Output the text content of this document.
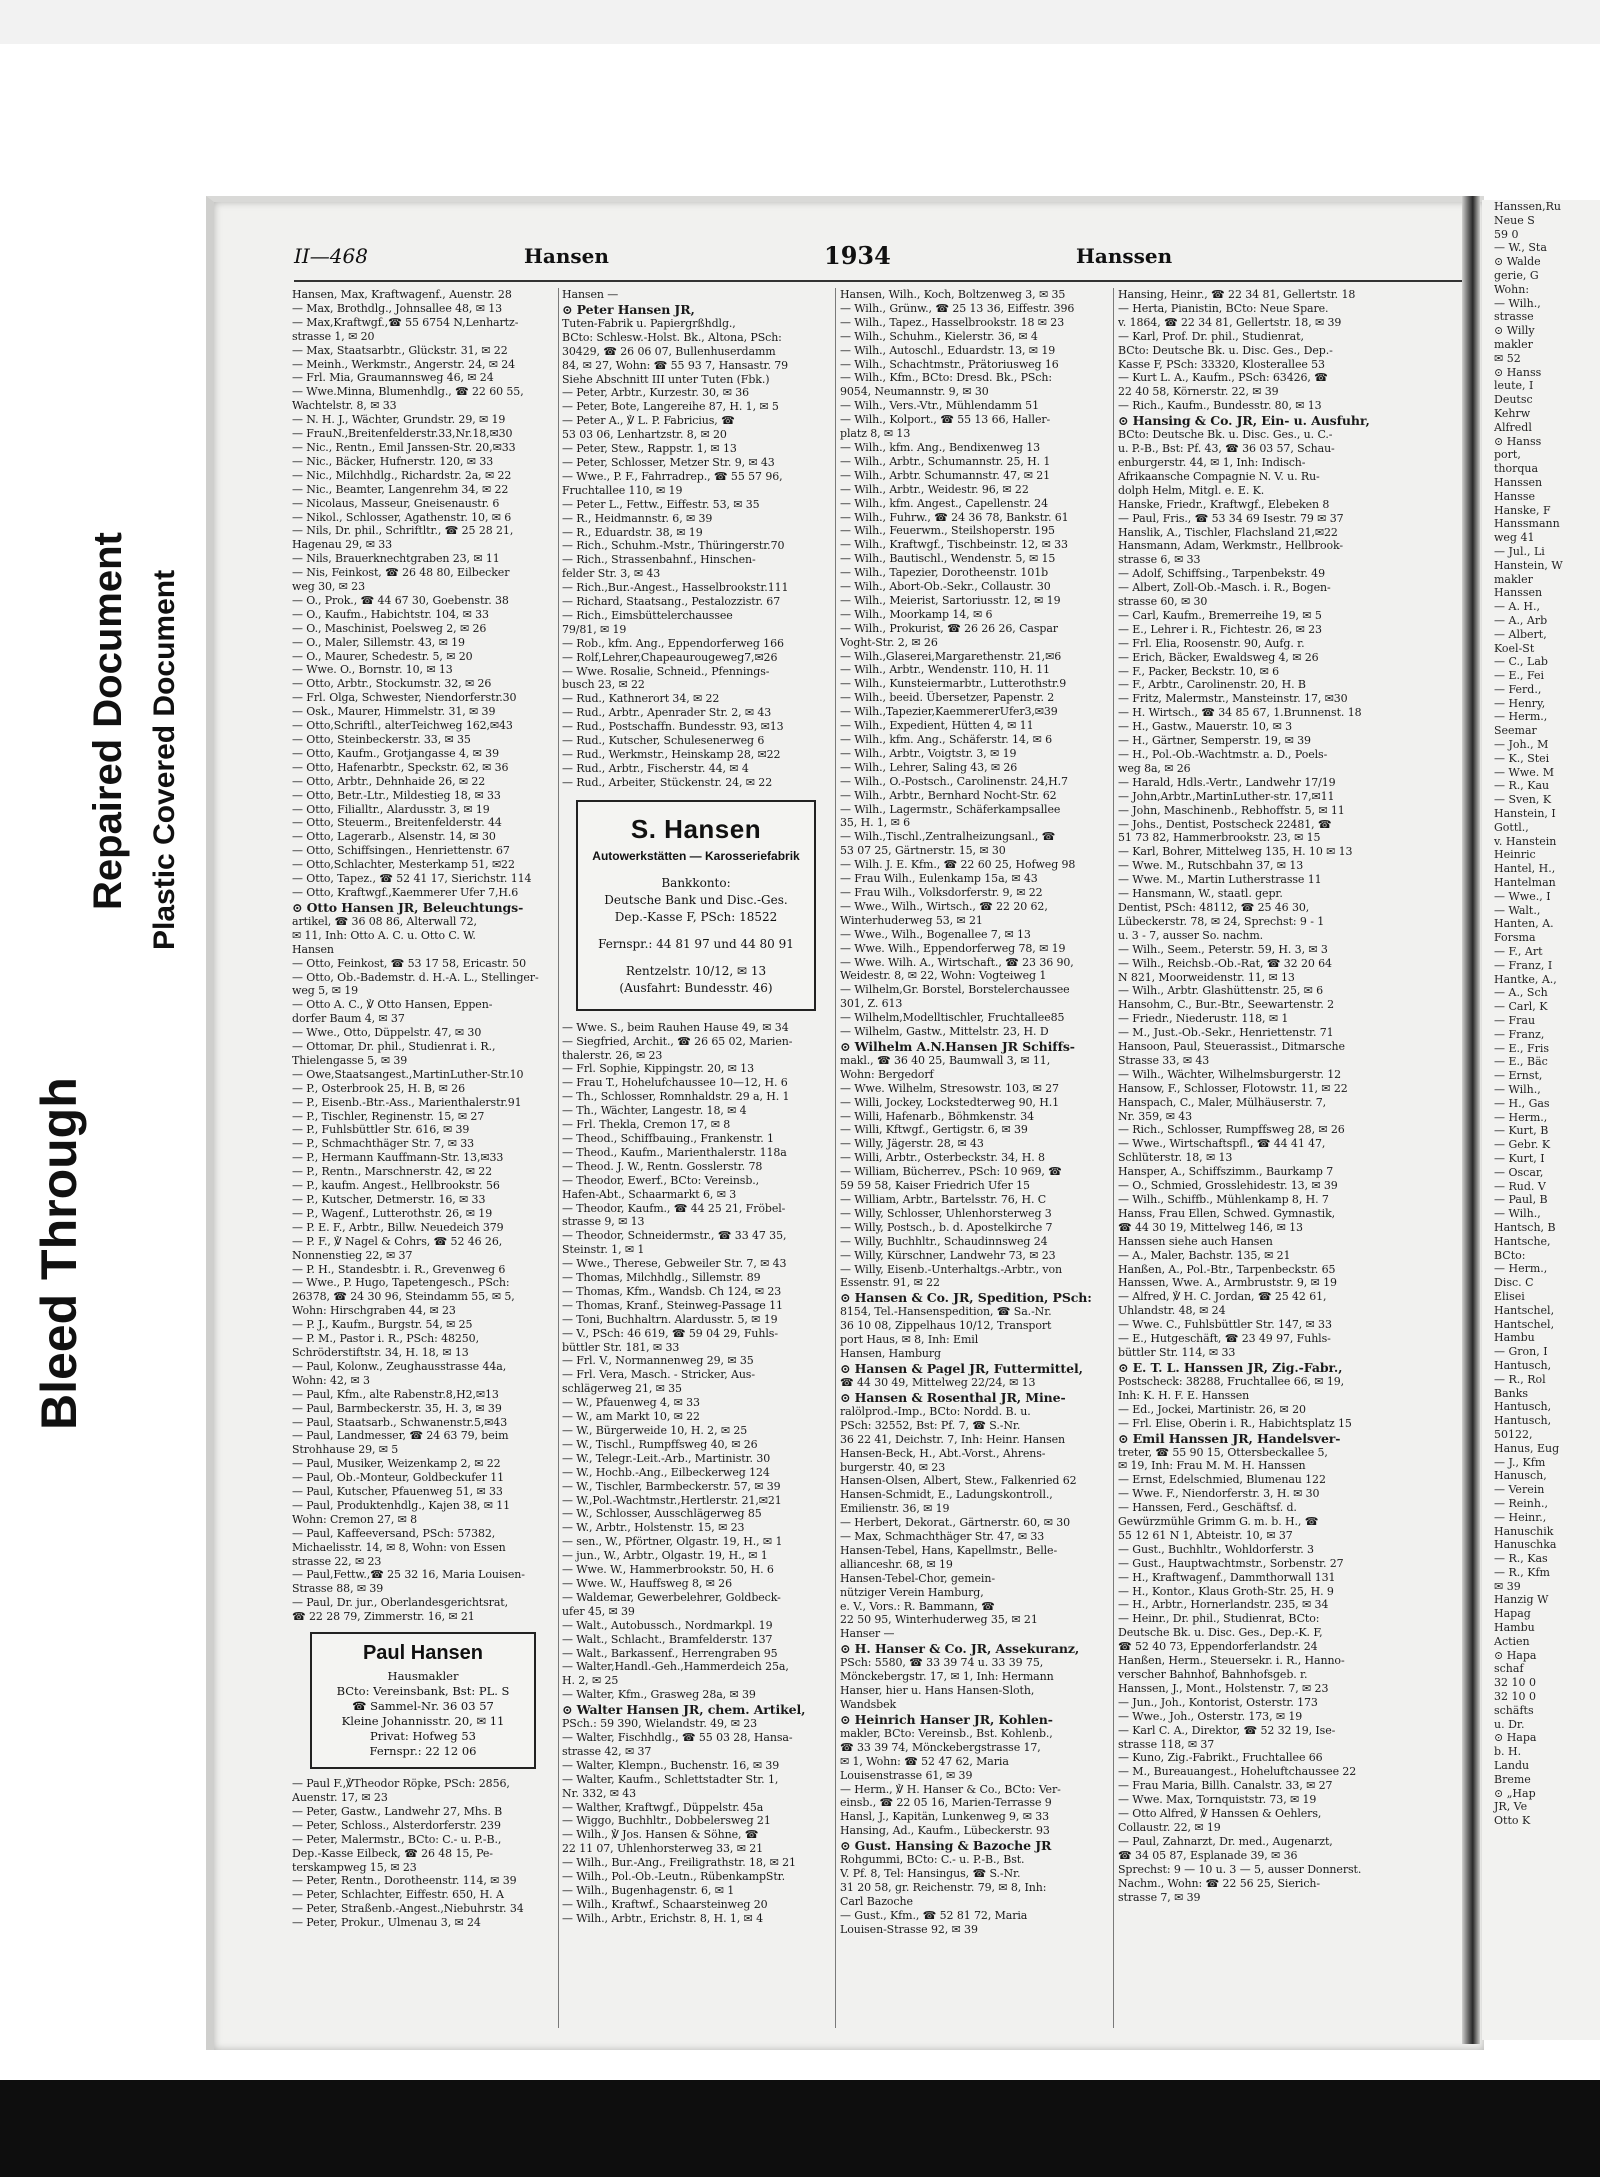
Bleed Through
Repaired Document Plastic Covered Document
II—468	Hansen	1934	Hanssen
Hansen, Max, Kraftwagenf., Auenstr. 28
— Max, Brothdlg., Johnsallee 48, ✉ 13
— Max,Kraftwgf.,☎ 55 6754 N,Lenhartz-
strasse 1, ✉ 20
— Max, Staatsarbtr., Glückstr. 31, ✉ 22
— Meinh., Werkmstr., Angerstr. 24, ✉ 24
— Frl. Mia, Graumannsweg 46, ✉ 24
— Wwe.Minna, Blumenhdlg., ☎ 22 60 55,
Wachtelstr. 8, ✉ 33
— N. H. J., Wächter, Grundstr. 29, ✉ 19
— FrauN.,Breitenfelderstr.33,Nr.18,✉30
— Nic., Rentn., Emil Janssen-Str. 20,✉33
— Nic., Bäcker, Hufnerstr. 120, ✉ 33
— Nic., Milchhdlg., Richardstr. 2a, ✉ 22
— Nic., Beamter, Langenrehm 34, ✉ 22
— Nicolaus, Masseur, Gneisenaustr. 6
— Nikol., Schlosser, Agathenstr. 10, ✉ 6
— Nils, Dr. phil., Schriftltr., ☎ 25 28 21,
Hagenau 29, ✉ 33
— Nils, Brauerknechtgraben 23, ✉ 11
— Nis, Feinkost, ☎ 26 48 80, Eilbecker
weg 30, ✉ 23
— O., Prok., ☎ 44 67 30, Goebenstr. 38
— O., Kaufm., Habichtstr. 104, ✉ 33
— O., Maschinist, Poelsweg 2, ✉ 26
— O., Maler, Sillemstr. 43, ✉ 19
— O., Maurer, Schedestr. 5, ✉ 20
— Wwe. O., Bornstr. 10, ✉ 13
— Otto, Arbtr., Stockumstr. 32, ✉ 26
— Frl. Olga, Schwester, Niendorferstr.30
— Osk., Maurer, Himmelstr. 31, ✉ 39
— Otto,Schriftl., alterTeichweg 162,✉43
— Otto, Steinbeckerstr. 33, ✉ 35
— Otto, Kaufm., Grotjangasse 4, ✉ 39
— Otto, Hafenarbtr., Speckstr. 62, ✉ 36
— Otto, Arbtr., Dehnhaide 26, ✉ 22
— Otto, Betr.-Ltr., Mildestieg 18, ✉ 33
— Otto, Filialltr., Alardusstr. 3, ✉ 19
— Otto, Steuerm., Breitenfelderstr. 44
— Otto, Lagerarb., Alsenstr. 14, ✉ 30
— Otto, Schiffsingen., Henriettenstr. 67
— Otto,Schlachter, Mesterkamp 51, ✉22
— Otto, Tapez., ☎ 52 41 17, Sierichstr. 114
— Otto, Kraftwgf.,Kaemmerer Ufer 7,H.6
⊙ Otto Hansen JR, Beleuchtungs-
artikel, ☎ 36 08 86, Alterwall 72,
✉ 11, Inh: Otto A. C. u. Otto C. W.
Hansen
— Otto, Feinkost, ☎ 53 17 58, Ericastr. 50
— Otto, Ob.-Bademstr. d. H.-A. L., Stellinger-
weg 5, ✉ 19
— Otto A. C., ℣ Otto Hansen, Eppen-
dorfer Baum 4, ✉ 37
— Wwe., Otto, Düppelstr. 47, ✉ 30
— Ottomar, Dr. phil., Studienrat i. R.,
Thielengasse 5, ✉ 39
— Owe,Staatsangest.,MartinLuther-Str.10
— P., Osterbrook 25, H. B, ✉ 26
— P., Eisenb.-Btr.-Ass., Marienthalerstr.91
— P., Tischler, Reginenstr. 15, ✉ 27
— P., Fuhlsbüttler Str. 616, ✉ 39
— P., Schmachthäger Str. 7, ✉ 33
— P., Hermann Kauffmann-Str. 13,✉33
— P., Rentn., Marschnerstr. 42, ✉ 22
— P., kaufm. Angest., Hellbrookstr. 56
— P., Kutscher, Detmerstr. 16, ✉ 33
— P., Wagenf., Lutterothstr. 26, ✉ 19
— P. E. F., Arbtr., Billw. Neuedeich 379
— P. F., ℣ Nagel & Cohrs, ☎ 52 46 26,
Nonnenstieg 22, ✉ 37
— P. H., Standesbtr. i. R., Grevenweg 6
— Wwe., P. Hugo, Tapetengesch., PSch:
26378, ☎ 24 30 96, Steindamm 55, ✉ 5,
Wohn: Hirschgraben 44, ✉ 23
— P. J., Kaufm., Burgstr. 54, ✉ 25
— P. M., Pastor i. R., PSch: 48250,
Schröderstiftstr. 34, H. 18, ✉ 13
— Paul, Kolonw., Zeughausstrasse 44a,
Wohn: 42, ✉ 3
— Paul, Kfm., alte Rabenstr.8,H2,✉13
— Paul, Barmbeckerstr. 35, H. 3, ✉ 39
— Paul, Staatsarb., Schwanenstr.5,✉43
— Paul, Landmesser, ☎ 24 63 79, beim
Strohhause 29, ✉ 5
— Paul, Musiker, Weizenkamp 2, ✉ 22
— Paul, Ob.-Monteur, Goldbeckufer 11
— Paul, Kutscher, Pfauenweg 51, ✉ 33
— Paul, Produktenhdlg., Kajen 38, ✉ 11
Wohn: Cremon 27, ✉ 8
— Paul, Kaffeeversand, PSch: 57382,
Michaelisstr. 14, ✉ 8, Wohn: von Essen
strasse 22, ✉ 23
— Paul,Fettw.,☎ 25 32 16, Maria Louisen-
Strasse 88, ✉ 39
— Paul, Dr. jur., Oberlandesgerichtsrat,
☎ 22 28 79, Zimmerstr. 16, ✉ 21
Paul Hansen
Hausmakler
BCto: Vereinsbank, Bst: PL. S
☎ Sammel-Nr. 36 03 57
Kleine Johannisstr. 20, ✉ 11
Privat: Hofweg 53
Fernspr.: 22 12 06
— Paul F.,℣Theodor Röpke, PSch: 2856,
Auenstr. 17, ✉ 23
— Peter, Gastw., Landwehr 27, Mhs. B
— Peter, Schloss., Alsterdorferstr. 239
— Peter, Malermstr., BCto: C.- u. P.-B.,
Dep.-Kasse Eilbeck, ☎ 26 48 15, Pe-
terskampweg 15, ✉ 23
— Peter, Rentn., Dorotheenstr. 114, ✉ 39
— Peter, Schlachter, Eiffestr. 650, H. A
— Peter, Straßenb.-Angest.,Niebuhrstr. 34
— Peter, Prokur., Ulmenau 3, ✉ 24
Hansen —
⊙ Peter Hansen JR,
Tuten-Fabrik u. Papiergrßhdlg.,
BCto: Schlesw.-Holst. Bk., Altona, PSch:
30429, ☎ 26 06 07, Bullenhuserdamm
84, ✉ 27, Wohn: ☎ 55 93 7, Hansastr. 79
Siehe Abschnitt III unter Tuten (Fbk.)
— Peter, Arbtr., Kurzestr. 30, ✉ 36
— Peter, Bote, Langereihe 87, H. 1, ✉ 5
— Peter A., ℣ L. P. Fabricius, ☎
53 03 06, Lenhartzstr. 8, ✉ 20
— Peter, Stew., Rappstr. 1, ✉ 13
— Peter, Schlosser, Metzer Str. 9, ✉ 43
— Wwe., P. F., Fahrradrep., ☎ 55 57 96,
Fruchtallee 110, ✉ 19
— Peter L., Fettw., Eiffestr. 53, ✉ 35
— R., Heidmannstr. 6, ✉ 39
— R., Eduardstr. 38, ✉ 19
— Rich., Schuhm.-Mstr., Thüringerstr.70
— Rich., Strassenbahnf., Hinschen-
felder Str. 3, ✉ 43
— Rich.,Bur.-Angest., Hasselbrookstr.111
— Richard, Staatsang., Pestalozzistr. 67
— Rich., Eimsbüttelerchaussee
79/81, ✉ 19
— Rob., kfm. Ang., Eppendorferweg 166
— Rolf,Lehrer,Chapeaurougeweg7,✉26
— Wwe. Rosalie, Schneid., Pfennings-
busch 23, ✉ 22
— Rud., Kathnerort 34, ✉ 22
— Rud., Arbtr., Apenrader Str. 2, ✉ 43
— Rud., Postschaffn. Bundesstr. 93, ✉13
— Rud., Kutscher, Schulesenerweg 6
— Rud., Werkmstr., Heinskamp 28, ✉22
— Rud., Arbtr., Fischerstr. 44, ✉ 4
— Rud., Arbeiter, Stückenstr. 24, ✉ 22
S. Hansen
Autowerkstätten — Karosseriefabrik
Bankkonto:
Deutsche Bank und Disc.-Ges.
Dep.-Kasse F, PSch: 18522
Fernspr.: 44 81 97 und 44 80 91
Rentzelstr. 10/12, ✉ 13
(Ausfahrt: Bundesstr. 46)
— Wwe. S., beim Rauhen Hause 49, ✉ 34
— Siegfried, Archit., ☎ 26 65 02, Marien-
thalerstr. 26, ✉ 23
— Frl. Sophie, Kippingstr. 20, ✉ 13
— Frau T., Hohelufchaussee 10—12, H. 6
— Th., Schlosser, Romnhaldstr. 29 a, H. 1
— Th., Wächter, Langestr. 18, ✉ 4
— Frl. Thekla, Cremon 17, ✉ 8
— Theod., Schiffbauing., Frankenstr. 1
— Theod., Kaufm., Marienthalerstr. 118a
— Theod. J. W., Rentn. Gosslerstr. 78
— Theodor, Ewerf., BCto: Vereinsb.,
Hafen-Abt., Schaarmarkt 6, ✉ 3
— Theodor, Kaufm., ☎ 44 25 21, Fröbel-
strasse 9, ✉ 13
— Theodor, Schneidermstr., ☎ 33 47 35,
Steinstr. 1, ✉ 1
— Wwe., Therese, Gebweiler Str. 7, ✉ 43
— Thomas, Milchhdlg., Sillemstr. 89
— Thomas, Kfm., Wandsb. Ch 124, ✉ 23
— Thomas, Kranf., Steinweg-Passage 11
— Toni, Buchhaltrn. Alardusstr. 5, ✉ 19
— V., PSch: 46 619, ☎ 59 04 29, Fuhls-
büttler Str. 181, ✉ 33
— Frl. V., Normannenweg 29, ✉ 35
— Frl. Vera, Masch. - Stricker, Aus-
schlägerweg 21, ✉ 35
— W., Pfauenweg 4, ✉ 33
— W., am Markt 10, ✉ 22
— W., Bürgerweide 10, H. 2, ✉ 25
— W., Tischl., Rumpffsweg 40, ✉ 26
— W., Telegr.-Leit.-Arb., Martinistr. 30
— W., Hochb.-Ang., Eilbeckerweg 124
— W., Tischler, Barmbeckerstr. 57, ✉ 39
— W.,Pol.-Wachtmstr.,Hertlerstr. 21,✉21
— W., Schlosser, Ausschlägerweg 85
— W., Arbtr., Holstenstr. 15, ✉ 23
— sen., W., Pförtner, Olgastr. 19, H., ✉ 1
— jun., W., Arbtr., Olgastr. 19, H., ✉ 1
— Wwe. W., Hammerbrookstr. 50, H. 6
— Wwe. W., Hauffsweg 8, ✉ 26
— Waldemar, Gewerbelehrer, Goldbeck-
ufer 45, ✉ 39
— Walt., Autobussch., Nordmarkpl. 19
— Walt., Schlacht., Bramfelderstr. 137
— Walt., Barkassenf., Herrengraben 95
— Walter,Handl.-Geh.,Hammerdeich 25a,
H. 2, ✉ 25
— Walter, Kfm., Grasweg 28a, ✉ 39
⊙ Walter Hansen JR, chem. Artikel,
PSch.: 59 390, Wielandstr. 49, ✉ 23
— Walter, Fischhdlg., ☎ 55 03 28, Hansa-
strasse 42, ✉ 37
— Walter, Klempn., Buchenstr. 16, ✉ 39
— Walter, Kaufm., Schlettstadter Str. 1,
Nr. 332, ✉ 43
— Walther, Kraftwgf., Düppelstr. 45a
— Wiggo, Buchhltr., Dobbelersweg 21
— Wilh., ℣ Jos. Hansen & Söhne, ☎
22 11 07, Uhlenhorsterweg 33, ✉ 21
— Wilh., Bur.-Ang., Freiligrathstr. 18, ✉ 21
— Wilh., Pol.-Ob.-Leutn., RübenkampStr.
— Wilh., Bugenhagenstr. 6, ✉ 1
— Wilh., Kraftwf., Schaarsteinweg 20
— Wilh., Arbtr., Erichstr. 8, H. 1, ✉ 4
Hansen, Wilh., Koch, Boltzenweg 3, ✉ 35
— Wilh., Grünw., ☎ 25 13 36, Eiffestr. 396
— Wilh., Tapez., Hasselbrookstr. 18 ✉ 23
— Wilh., Schuhm., Kielerstr. 36, ✉ 4
— Wilh., Autoschl., Eduardstr. 13, ✉ 19
— Wilh., Schachtmstr., Prätoriusweg 16
— Wilh., Kfm., BCto: Dresd. Bk., PSch:
9054, Neumannstr. 9, ✉ 30
— Wilh., Vers.-Vtr., Mühlendamm 51
— Wilh., Kolport., ☎ 55 13 66, Haller-
platz 8, ✉ 13
— Wilh., kfm. Ang., Bendixenweg 13
— Wilh., Arbtr., Schumannstr. 25, H. 1
— Wilh., Arbtr. Schumannstr. 47, ✉ 21
— Wilh., Arbtr., Weidestr. 96, ✉ 22
— Wilh., kfm. Angest., Capellenstr. 24
— Wilh., Fuhrw., ☎ 24 36 78, Bankstr. 61
— Wilh., Feuerwm., Steilshoperstr. 195
— Wilh., Kraftwgf., Tischbeinstr. 12, ✉ 33
— Wilh., Bautischl., Wendenstr. 5, ✉ 15
— Wilh., Tapezier, Dorotheenstr. 101b
— Wilh., Abort-Ob.-Sekr., Collaustr. 30
— Wilh., Meierist, Sartoriusstr. 12, ✉ 19
— Wilh., Moorkamp 14, ✉ 6
— Wilh., Prokurist, ☎ 26 26 26, Caspar
Voght-Str. 2, ✉ 26
— Wilh.,Glaserei,Margarethenstr. 21,✉6
— Wilh., Arbtr., Wendenstr. 110, H. 11
— Wilh., Kunsteiermarbtr., Lutterothstr.9
— Wilh., beeid. Übersetzer, Papenstr. 2
— Wilh.,Tapezier,KaemmererUfer3,✉39
— Wilh., Expedient, Hütten 4, ✉ 11
— Wilh., kfm. Ang., Schäferstr. 14, ✉ 6
— Wilh., Arbtr., Voigtstr. 3, ✉ 19
— Wilh., Lehrer, Saling 43, ✉ 26
— Wilh., O.-Postsch., Carolinenstr. 24,H.7
— Wilh., Arbtr., Bernhard Nocht-Str. 62
— Wilh., Lagermstr., Schäferkampsallee
35, H. 1, ✉ 6
— Wilh.,Tischl.,Zentralheizungsanl., ☎
53 07 25, Gärtnerstr. 15, ✉ 30
— Wilh. J. E. Kfm., ☎ 22 60 25, Hofweg 98
— Frau Wilh., Eulenkamp 15a, ✉ 43
— Frau Wilh., Volksdorferstr. 9, ✉ 22
— Wwe., Wilh., Wirtsch., ☎ 22 20 62,
Winterhuderweg 53, ✉ 21
— Wwe., Wilh., Bogenallee 7, ✉ 13
— Wwe. Wilh., Eppendorferweg 78, ✉ 19
— Wwe. Wilh. A., Wirtschaft., ☎ 23 36 90,
Weidestr. 8, ✉ 22, Wohn: Vogteiweg 1
— Wilhelm,Gr. Borstel, Borstelerchaussee
301, Z. 613
— Wilhelm,Modelltischler, Fruchtallee85
— Wilhelm, Gastw., Mittelstr. 23, H. D
⊙ Wilhelm A.N.Hansen JR Schiffs-
makl., ☎ 36 40 25, Baumwall 3, ✉ 11,
Wohn: Bergedorf
— Wwe. Wilhelm, Stresowstr. 103, ✉ 27
— Willi, Jockey, Lockstedterweg 90, H.1
— Willi, Hafenarb., Böhmkenstr. 34
— Willi, Kftwgf., Gertigstr. 6, ✉ 39
— Willy, Jägerstr. 28, ✉ 43
— Willi, Arbtr., Osterbeckstr. 34, H. 8
— William, Bücherrev., PSch: 10 969, ☎
59 59 58, Kaiser Friedrich Ufer 15
— William, Arbtr., Bartelsstr. 76, H. C
— Willy, Schlosser, Uhlenhorsterweg 3
— Willy, Postsch., b. d. Apostelkirche 7
— Willy, Buchhltr., Schaudinnsweg 24
— Willy, Kürschner, Landwehr 73, ✉ 23
— Willy, Eisenb.-Unterhaltgs.-Arbtr., von
Essenstr. 91, ✉ 22
⊙ Hansen & Co. JR, Spedition, PSch:
8154, Tel.-Hansenspedition, ☎ Sa.-Nr.
36 10 08, Zippelhaus 10/12, Transport
port Haus, ✉ 8, Inh: Emil
Hansen, Hamburg
⊙ Hansen & Pagel JR, Futtermittel,
☎ 44 30 49, Mittelweg 22/24, ✉ 13
⊙ Hansen & Rosenthal JR, Mine-
ralölprod.-Imp., BCto: Nordd. B. u.
PSch: 32552, Bst: Pf. 7, ☎ S.-Nr.
36 22 41, Deichstr. 7, Inh: Heinr. Hansen
Hansen-Beck, H., Abt.-Vorst., Ahrens-
burgerstr. 40, ✉ 23
Hansen-Olsen, Albert, Stew., Falkenried 62
Hansen-Schmidt, E., Ladungskontroll.,
Emilienstr. 36, ✉ 19
— Herbert, Dekorat., Gärtnerstr. 60, ✉ 30
— Max, Schmachthäger Str. 47, ✉ 33
Hansen-Tebel, Hans, Kapellmstr., Belle-
allianceshr. 68, ✉ 19
Hansen-Tebel-Chor, gemein-
nütziger Verein Hamburg,
e. V., Vors.: R. Bammann, ☎
22 50 95, Winterhuderweg 35, ✉ 21
Hanser —
⊙ H. Hanser & Co. JR, Assekuranz,
PSch: 5580, ☎ 33 39 74 u. 33 39 75,
Mönckebergstr. 17, ✉ 1, Inh: Hermann
Hanser, hier u. Hans Hansen-Sloth,
Wandsbek
⊙ Heinrich Hanser JR, Kohlen-
makler, BCto: Vereinsb., Bst. Kohlenb.,
☎ 33 39 74, Mönckebergstrasse 17,
✉ 1, Wohn: ☎ 52 47 62, Maria
Louisenstrasse 61, ✉ 39
— Herm., ℣ H. Hanser & Co., BCto: Ver-
einsb., ☎ 22 05 16, Marien-Terrasse 9
Hansl, J., Kapitän, Lunkenweg 9, ✉ 33
Hansing, Ad., Kaufm., Lübeckerstr. 93
⊙ Gust. Hansing & Bazoche JR
Rohgummi, BCto: C.- u. P.-B., Bst.
V. Pf. 8, Tel: Hansingus, ☎ S.-Nr.
31 20 58, gr. Reichenstr. 79, ✉ 8, Inh:
Carl Bazoche
— Gust., Kfm., ☎ 52 81 72, Maria
Louisen-Strasse 92, ✉ 39
Hansing, Heinr., ☎ 22 34 81, Gellertstr. 18
— Herta, Pianistin, BCto: Neue Spare.
v. 1864, ☎ 22 34 81, Gellertstr. 18, ✉ 39
— Karl, Prof. Dr. phil., Studienrat,
BCto: Deutsche Bk. u. Disc. Ges., Dep.-
Kasse F, PSch: 33320, Klosterallee 53
— Kurt L. A., Kaufm., PSch: 63426, ☎
22 40 58, Körnerstr. 22, ✉ 39
— Rich., Kaufm., Bundesstr. 80, ✉ 13
⊙ Hansing & Co. JR, Ein- u. Ausfuhr,
BCto: Deutsche Bk. u. Disc. Ges., u. C.-
u. P.-B., Bst: Pf. 43, ☎ 36 03 57, Schau-
enburgerstr. 44, ✉ 1, Inh: Indisch-
Afrikaansche Compagnie N. V. u. Ru-
dolph Helm, Mitgl. e. E. K.
Hanske, Friedr., Kraftwgf., Elebeken 8
— Paul, Fris., ☎ 53 34 69 Isestr. 79 ✉ 37
Hanslik, A., Tischler, Flachsland 21,✉22
Hansmann, Adam, Werkmstr., Hellbrook-
strasse 6, ✉ 33
— Adolf, Schiffsing., Tarpenbekstr. 49
— Albert, Zoll-Ob.-Masch. i. R., Bogen-
strasse 60, ✉ 30
— Carl, Kaufm., Bremerreihe 19, ✉ 5
— E., Lehrer i. R., Fichtestr. 26, ✉ 23
— Frl. Elia, Roosenstr. 90, Aufg. r.
— Erich, Bäcker, Ewaldsweg 4, ✉ 26
— F., Packer, Beckstr. 10, ✉ 6
— F., Arbtr., Carolinenstr. 20, H. B
— Fritz, Malermstr., Mansteinstr. 17, ✉30
— H. Wirtsch., ☎ 34 85 67, 1.Brunnenst. 18
— H., Gastw., Mauerstr. 10, ✉ 3
— H., Gärtner, Semperstr. 19, ✉ 39
— H., Pol.-Ob.-Wachtmstr. a. D., Poels-
weg 8a, ✉ 26
— Harald, Hdls.-Vertr., Landwehr 17/19
— John,Arbtr.,MartinLuther-str. 17,✉11
— John, Maschinenb., Rebhoffstr. 5, ✉ 11
— Johs., Dentist, Postscheck 22481, ☎
51 73 82, Hammerbrookstr. 23, ✉ 15
— Karl, Bohrer, Mittelweg 135, H. 10 ✉ 13
— Wwe. M., Rutschbahn 37, ✉ 13
— Wwe. M., Martin Lutherstrasse 11
— Hansmann, W., staatl. gepr.
Dentist, PSch: 48112, ☎ 25 46 30,
Lübeckerstr. 78, ✉ 24, Sprechst: 9 - 1
u. 3 - 7, ausser So. nachm.
— Wilh., Seem., Peterstr. 59, H. 3, ✉ 3
— Wilh., Reichsb.-Ob.-Rat, ☎ 32 20 64
N 821, Moorweidenstr. 11, ✉ 13
— Wilh., Arbtr. Glashüttenstr. 25, ✉ 6
Hansohm, C., Bur.-Btr., Seewartenstr. 2
— Friedr., Niederustr. 118, ✉ 1
— M., Just.-Ob.-Sekr., Henriettenstr. 71
Hansoon, Paul, Steuerassist., Ditmarsche
Strasse 33, ✉ 43
— Wilh., Wächter, Wilhelmsburgerstr. 12
Hansow, F., Schlosser, Flotowstr. 11, ✉ 22
Hanspach, C., Maler, Mülhäuserstr. 7,
Nr. 359, ✉ 43
— Rich., Schlosser, Rumpffsweg 28, ✉ 26
— Wwe., Wirtschaftspfl., ☎ 44 41 47,
Schlüterstr. 18, ✉ 13
Hansper, A., Schiffszimm., Baurkamp 7
— O., Schmied, Grosslehidestr. 13, ✉ 39
— Wilh., Schiffb., Mühlenkamp 8, H. 7
Hanss, Frau Ellen, Schwed. Gymnastik,
☎ 44 30 19, Mittelweg 146, ✉ 13
Hanssen siehe auch Hansen
— A., Maler, Bachstr. 135, ✉ 21
Hanßen, A., Pol.-Btr., Tarpenbeckstr. 65
Hanssen, Wwe. A., Armbruststr. 9, ✉ 19
— Alfred, ℣ H. C. Jordan, ☎ 25 42 61,
Uhlandstr. 48, ✉ 24
— Wwe. C., Fuhlsbüttler Str. 147, ✉ 33
— E., Hutgeschäft, ☎ 23 49 97, Fuhls-
büttler Str. 114, ✉ 33
⊙ E. T. L. Hanssen JR, Zig.-Fabr.,
Postscheck: 38288, Fruchtallee 66, ✉ 19,
Inh: K. H. F. E. Hanssen
— Ed., Jockei, Martinistr. 26, ✉ 20
— Frl. Elise, Oberin i. R., Habichtsplatz 15
⊙ Emil Hanssen JR, Handelsver-
treter, ☎ 55 90 15, Ottersbeckallee 5,
✉ 19, Inh: Frau M. M. H. Hanssen
— Ernst, Edelschmied, Blumenau 122
— Wwe. F., Niendorferstr. 3, H. ✉ 30
— Hanssen, Ferd., Geschäftsf. d.
Gewürzmühle Grimm G. m. b. H., ☎
55 12 61 N 1, Abteistr. 10, ✉ 37
— Gust., Buchhltr., Wohldorferstr. 3
— Gust., Hauptwachtmstr., Sorbenstr. 27
— H., Kraftwagenf., Dammthorwall 131
— H., Kontor., Klaus Groth-Str. 25, H. 9
— H., Arbtr., Hornerlandstr. 235, ✉ 34
— Heinr., Dr. phil., Studienrat, BCto:
Deutsche Bk. u. Disc. Ges., Dep.-K. F,
☎ 52 40 73, Eppendorferlandstr. 24
Hanßen, Herm., Steuersekr. i. R., Hanno-
verscher Bahnhof, Bahnhofsgeb. r.
Hanssen, J., Mont., Holstenstr. 7, ✉ 23
— Jun., Joh., Kontorist, Osterstr. 173
— Wwe., Joh., Osterstr. 173, ✉ 19
— Karl C. A., Direktor, ☎ 52 32 19, Ise-
strasse 118, ✉ 37
— Kuno, Zig.-Fabrikt., Fruchtallee 66
— M., Bureauangest., Hoheluftchaussee 22
— Frau Maria, Billh. Canalstr. 33, ✉ 27
— Wwe. Max, Tornquiststr. 73, ✉ 19
— Otto Alfred, ℣ Hanssen & Oehlers,
Collaustr. 22, ✉ 19
— Paul, Zahnarzt, Dr. med., Augenarzt,
☎ 34 05 87, Esplanade 39, ✉ 36
Sprechst: 9 — 10 u. 3 — 5, ausser Donnerst.
Nachm., Wohn: ☎ 22 56 25, Sierich-
strasse 7, ✉ 39
Hanssen,Ru
Neue S
59 0
— W., Sta
⊙ Walde
gerie, G
Wohn:
— Wilh.,
strasse
⊙ Willy
makler
✉ 52
⊙ Hanss
leute, I
Deutsc
Kehrw
Alfredl
⊙ Hanss
port,
thorqua
Hanssen
Hansse
Hanske, F
Hanssmann
weg 41
— Jul., Li
Hanstein, W
makler
Hanssen
— A. H.,
— A., Arb
— Albert,
Koel-St
— C., Lab
— E., Fei
— Ferd.,
— Henry,
— Herm.,
Seemar
— Joh., M
— K., Stei
— Wwe. M
— R., Kau
— Sven, K
Hanstein, I
Gottl.,
v. Hanstein
Heinric
Hantel, H.,
Hantelman
— Wwe., I
— Walt.,
Hanten, A.
Forsma
— F., Art
— Franz, I
Hantke, A.,
— A., Sch
— Carl, K
— Frau
— Franz,
— E., Fris
— E., Bäc
— Ernst,
— Wilh.,
— H., Gas
— Herm.,
— Kurt, B
— Gebr. K
— Kurt, I
— Oscar,
— Rud. V
— Paul, B
— Wilh.,
Hantsch, B
Hantsche,
BCto:
— Herm.,
Disc. C
Elisei
Hantschel,
Hantschel,
Hambu
— Gron, I
Hantusch,
— R., Rol
Banks
Hantusch,
Hantusch,
50122,
Hanus, Eug
— J., Kfm
Hanusch,
— Verein
— Reinh.,
— Heinr.,
Hanuschik
Hanuschka
— R., Kas
— R., Kfm
✉ 39
Hanzig W
Hapag
Hambu
Actien
⊙ Hapa
schaf
32 10 0
32 10 0
schäfts
u. Dr.
⊙ Hapa
b. H.
Landu
Breme
⊙ „Hap
JR, Ve
Otto K
